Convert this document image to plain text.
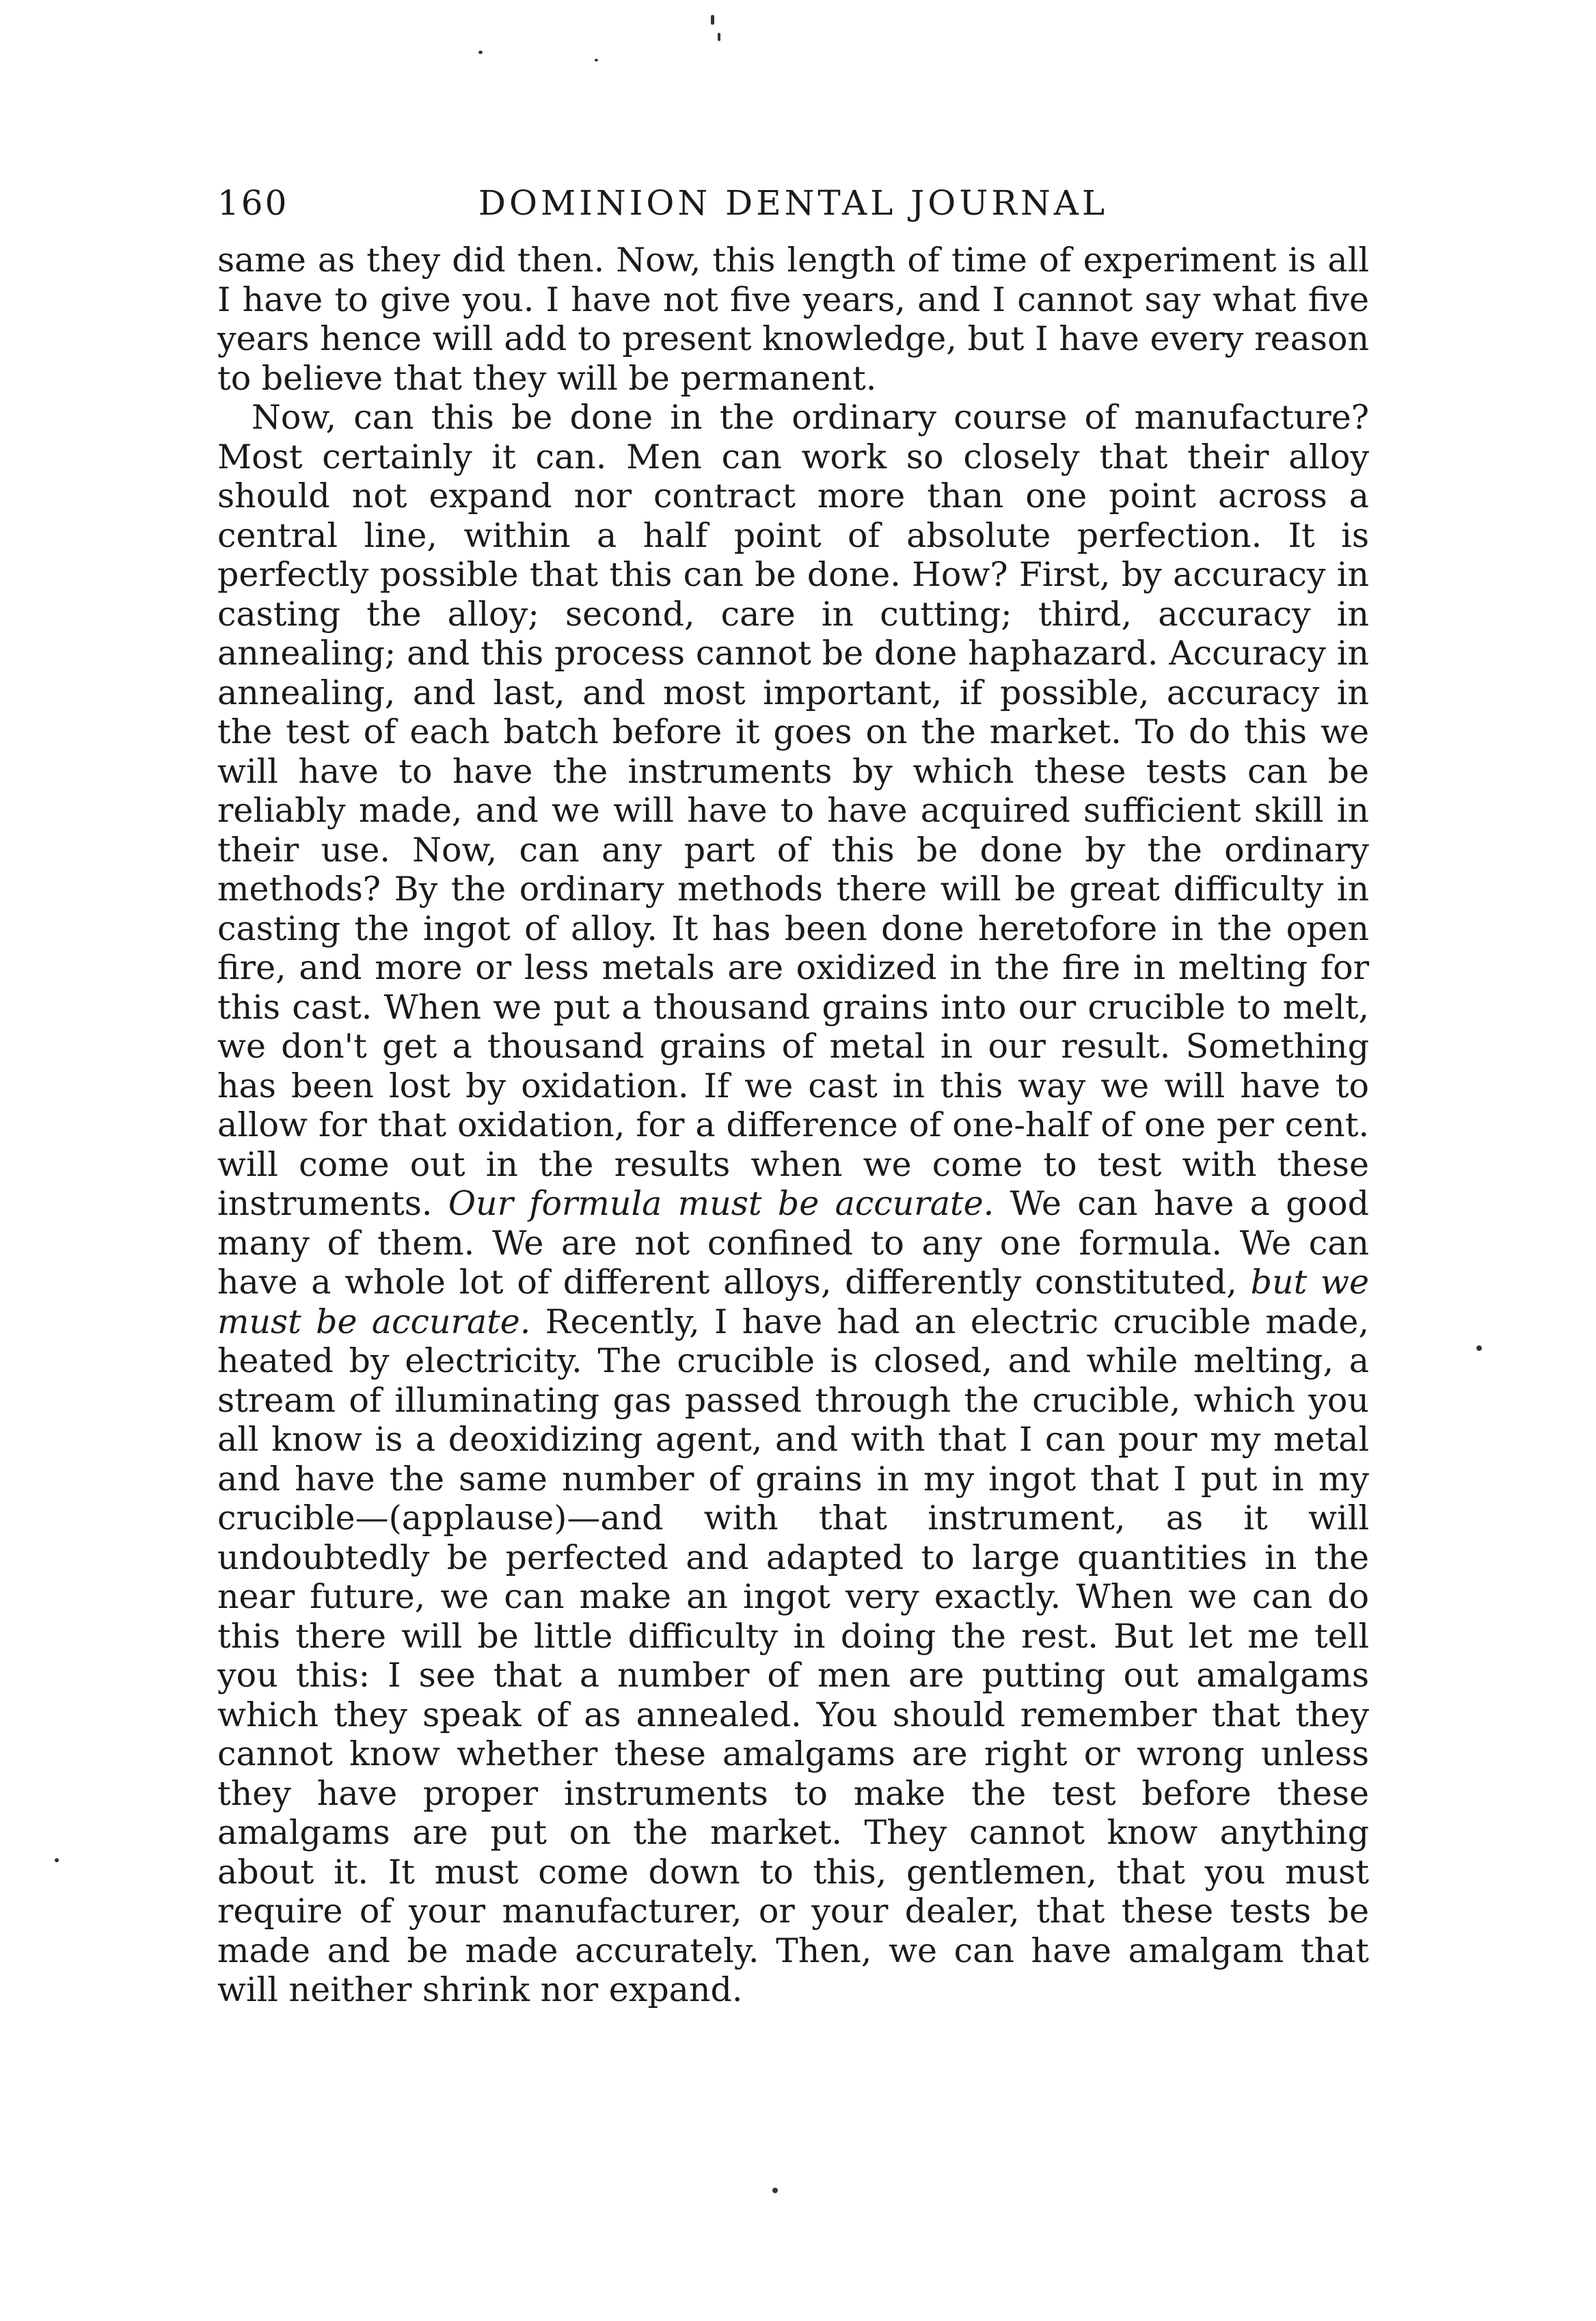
160	DOMINION DENTAL JOURNAL

same as they did then. Now, this length of time of experiment is all I have to give you. I have not five years, and I cannot say what five years hence will add to present knowledge, but I have every reason to believe that they will be permanent.

Now, can this be done in the ordinary course of manufacture? Most certainly it can. Men can work so closely that their alloy should not expand nor contract more than one point across a central line, within a half point of absolute perfection. It is perfectly possible that this can be done. How? First, by accuracy in casting the alloy; second, care in cutting; third, accuracy in annealing; and this process cannot be done haphazard. Accuracy in annealing, and last, and most important, if possible, accuracy in the test of each batch before it goes on the market. To do this we will have to have the instruments by which these tests can be reliably made, and we will have to have acquired sufficient skill in their use. Now, can any part of this be done by the ordinary methods? By the ordinary methods there will be great difficulty in casting the ingot of alloy. It has been done heretofore in the open fire, and more or less metals are oxidized in the fire in melting for this cast. When we put a thousand grains into our crucible to melt, we don't get a thousand grains of metal in our result. Something has been lost by oxidation. If we cast in this way we will have to allow for that oxidation, for a difference of one-half of one per cent. will come out in the results when we come to test with these instruments. Our formula must be accurate. We can have a good many of them. We are not confined to any one formula. We can have a whole lot of different alloys, differently constituted, but we must be accurate. Recently, I have had an electric crucible made, heated by electricity. The crucible is closed, and while melting, a stream of illuminating gas passed through the crucible, which you all know is a deoxidizing agent, and with that I can pour my metal and have the same number of grains in my ingot that I put in my crucible—(applause)—and with that instrument, as it will undoubtedly be perfected and adapted to large quantities in the near future, we can make an ingot very exactly. When we can do this there will be little difficulty in doing the rest. But let me tell you this: I see that a number of men are putting out amalgams which they speak of as annealed. You should remember that they cannot know whether these amalgams are right or wrong unless they have proper instruments to make the test before these amalgams are put on the market. They cannot know anything about it. It must come down to this, gentlemen, that you must require of your manufacturer, or your dealer, that these tests be made and be made accurately. Then, we can have amalgam that will neither shrink nor expand.
